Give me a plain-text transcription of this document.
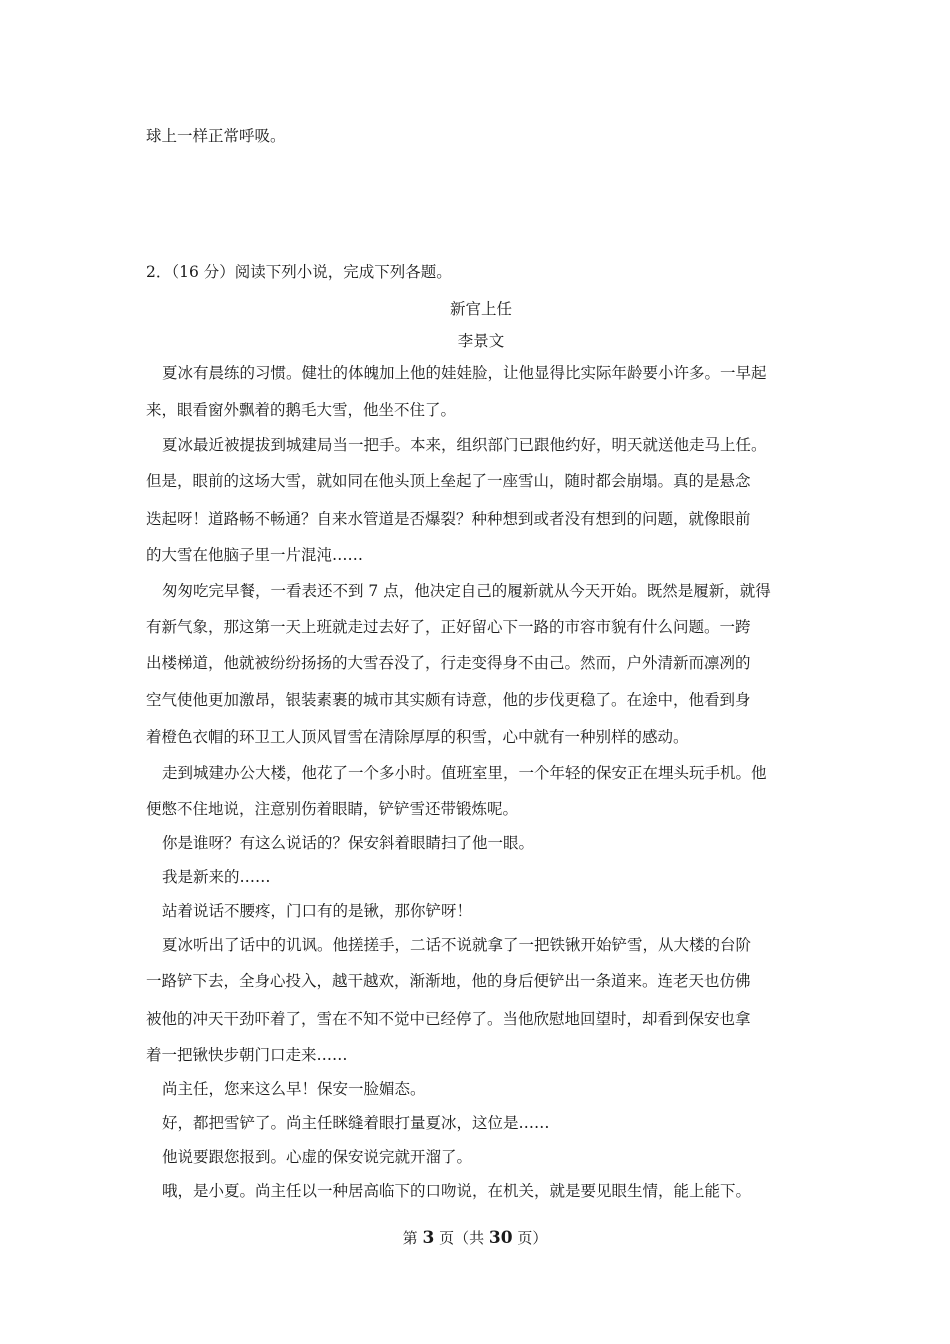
球上一样正常呼吸。
2．（16 分）阅读下列小说，完成下列各题。
新官上任
李景文
夏冰有晨练的习惯。健壮的体魄加上他的娃娃脸，让他显得比实际年龄要小许多。一早起
来，眼看窗外飘着的鹅毛大雪，他坐不住了。
夏冰最近被提拔到城建局当一把手。本来，组织部门已跟他约好，明天就送他走马上任。
但是，眼前的这场大雪，就如同在他头顶上垒起了一座雪山，随时都会崩塌。真的是悬念
迭起呀！道路畅不畅通？自来水管道是否爆裂？种种想到或者没有想到的问题，就像眼前
的大雪在他脑子里一片混沌……
匆匆吃完早餐，一看表还不到 7 点，他决定自己的履新就从今天开始。既然是履新，就得
有新气象，那这第一天上班就走过去好了，正好留心下一路的市容市貌有什么问题。一跨
出楼梯道，他就被纷纷扬扬的大雪吞没了，行走变得身不由己。然而，户外清新而凛冽的
空气使他更加激昂，银装素裹的城市其实颇有诗意，他的步伐更稳了。在途中，他看到身
着橙色衣帽的环卫工人顶风冒雪在清除厚厚的积雪，心中就有一种别样的感动。
走到城建办公大楼，他花了一个多小时。值班室里，一个年轻的保安正在埋头玩手机。他
便憋不住地说，注意别伤着眼睛，铲铲雪还带锻炼呢。
你是谁呀？有这么说话的？保安斜着眼睛扫了他一眼。
我是新来的……
站着说话不腰疼，门口有的是锹，那你铲呀！
夏冰听出了话中的讥讽。他搓搓手，二话不说就拿了一把铁锹开始铲雪，从大楼的台阶
一路铲下去，全身心投入，越干越欢，渐渐地，他的身后便铲出一条道来。连老天也仿佛
被他的冲天干劲吓着了，雪在不知不觉中已经停了。当他欣慰地回望时，却看到保安也拿
着一把锹快步朝门口走来……
尚主任，您来这么早！保安一脸媚态。
好，都把雪铲了。尚主任眯缝着眼打量夏冰，这位是……
他说要跟您报到。心虚的保安说完就开溜了。
哦，是小夏。尚主任以一种居高临下的口吻说，在机关，就是要见眼生情，能上能下。
第 3 页（共 30 页）
